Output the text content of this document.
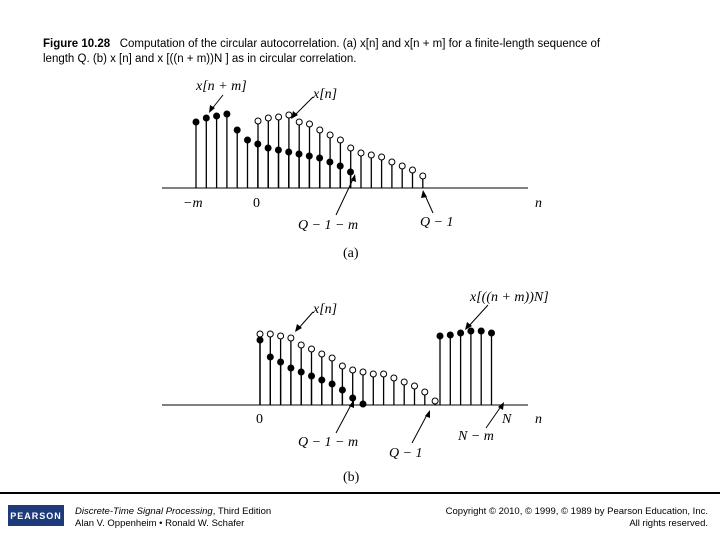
Figure 10.28 Computation of the circular autocorrelation. (a) x[n] and x[n + m] for a finite-length sequence of
length Q. (b) x [n] and x [((n + m))N ] as in circular correlation.
x[n + m]
x[n]
−m	0	n
Q − 1 − m	Q − 1
(a)
x[n]
x[((n + m))N]
0	N n
Q − 1 − m
Q − 1
N − m
(b)
PEARSON Discrete-Time Signal Processing, Third Edition
Alan V. Oppenheim • Ronald W. Schafer
Copyright © 2010, © 1999, © 1989 by Pearson Education, Inc.
All rights reserved.
